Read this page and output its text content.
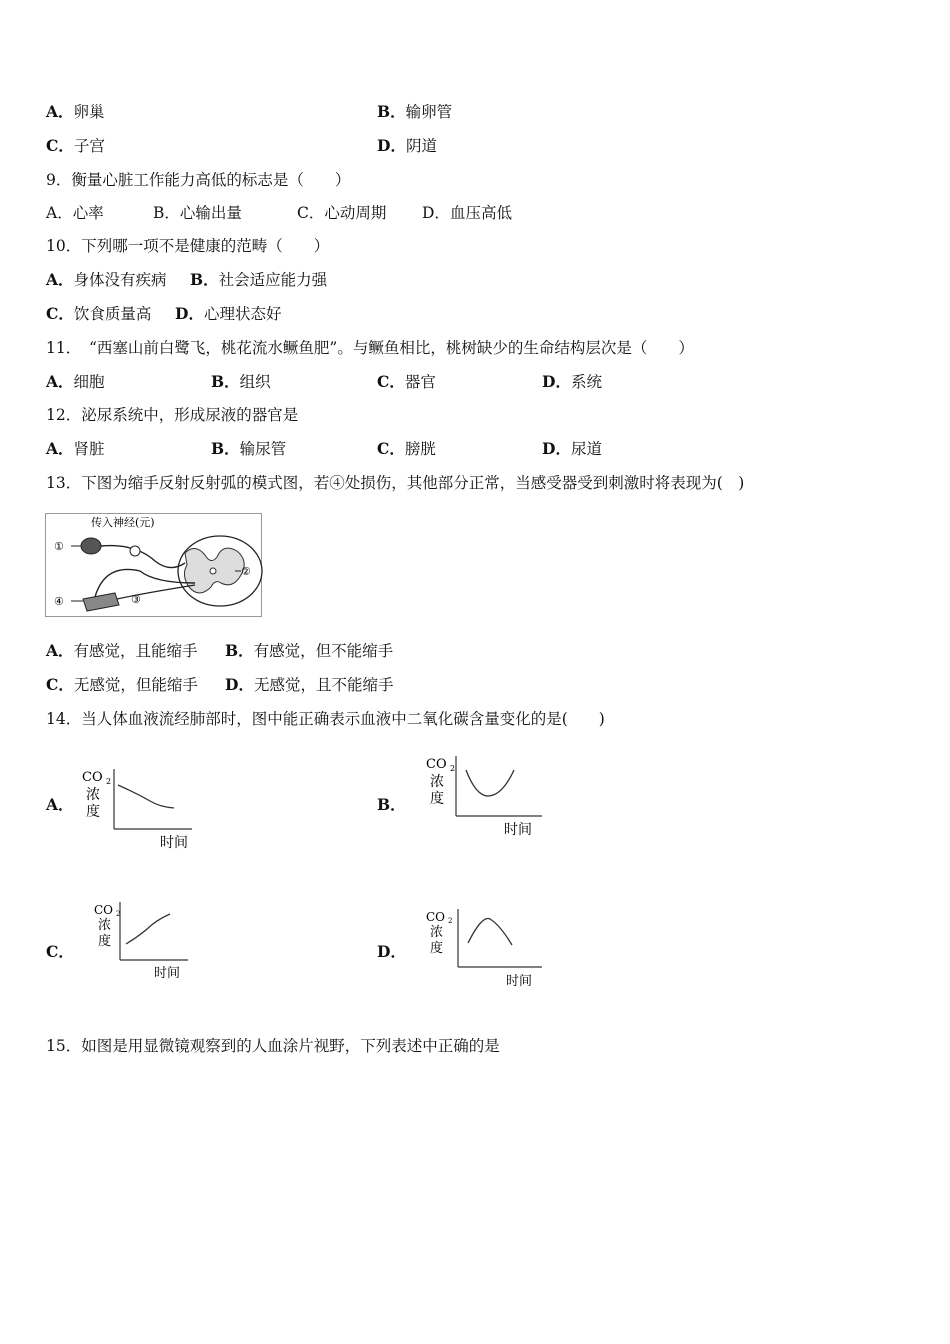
A．卵巢	B．输卵管
C．子宫	D．阴道
9．衡量心脏工作能力高低的标志是（　　）
A．心率	B．心输出量	C．心动周期 D．血压高低
10．下列哪一项不是健康的范畴（　　）
A．身体没有疾病 B．社会适应能力强
C．饮食质量高 D．心理状态好
11．　“西塞山前白鹭飞，桃花流水鳜鱼肥”。与鳜鱼相比，桃树缺少的生命结构层次是（　　）
A．细胞	B．组织	C．器官	D．系统
12．泌尿系统中，形成尿液的器官是
A．肾脏	B．输尿管	C．膀胱	D．尿道
13．下图为缩手反射反射弧的模式图，若④处损伤，其他部分正常，当感受器受到刺激时将表现为(　)
传入神经(元)
①
②
③
④
A．有感觉，且能缩手 B．有感觉，但不能缩手
C．无感觉，但能缩手 D．无感觉，且不能缩手
14．当人体血液流经肺部时，图中能正确表示血液中二氧化碳含量变化的是(　　)
A．
CO 2
浓
度
时间
B．
CO 2
浓
度
时间
C．
CO 2
浓
度
时间
D．
CO 2
浓
度
时间
15．如图是用显微镜观察到的人血涂片视野，下列表述中正确的是
